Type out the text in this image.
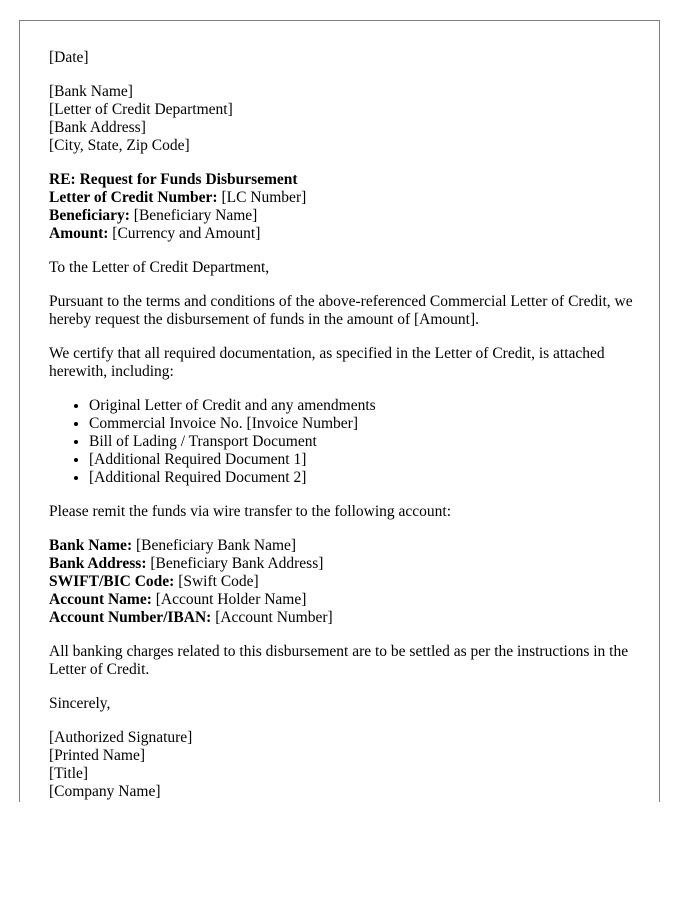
[Date]
[Bank Name]
[Letter of Credit Department]
[Bank Address]
[City, State, Zip Code]
RE: Request for Funds Disbursement
Letter of Credit Number: [LC Number]
Beneficiary: [Beneficiary Name]
Amount: [Currency and Amount]

To the Letter of Credit Department,

Pursuant to the terms and conditions of the above-referenced Commercial Letter of Credit, we hereby request the disbursement of funds in the amount of [Amount].

We certify that all required documentation, as specified in the Letter of Credit, is attached herewith, including:

• Original Letter of Credit and any amendments
• Commercial Invoice No. [Invoice Number]
• Bill of Lading / Transport Document
• [Additional Required Document 1]
• [Additional Required Document 2]

Please remit the funds via wire transfer to the following account:

Bank Name: [Beneficiary Bank Name]
Bank Address: [Beneficiary Bank Address]
SWIFT/BIC Code: [Swift Code]
Account Name: [Account Holder Name]
Account Number/IBAN: [Account Number]

All banking charges related to this disbursement are to be settled as per the instructions in the Letter of Credit.

Sincerely,

[Authorized Signature]
[Printed Name]
[Title]
[Company Name]
